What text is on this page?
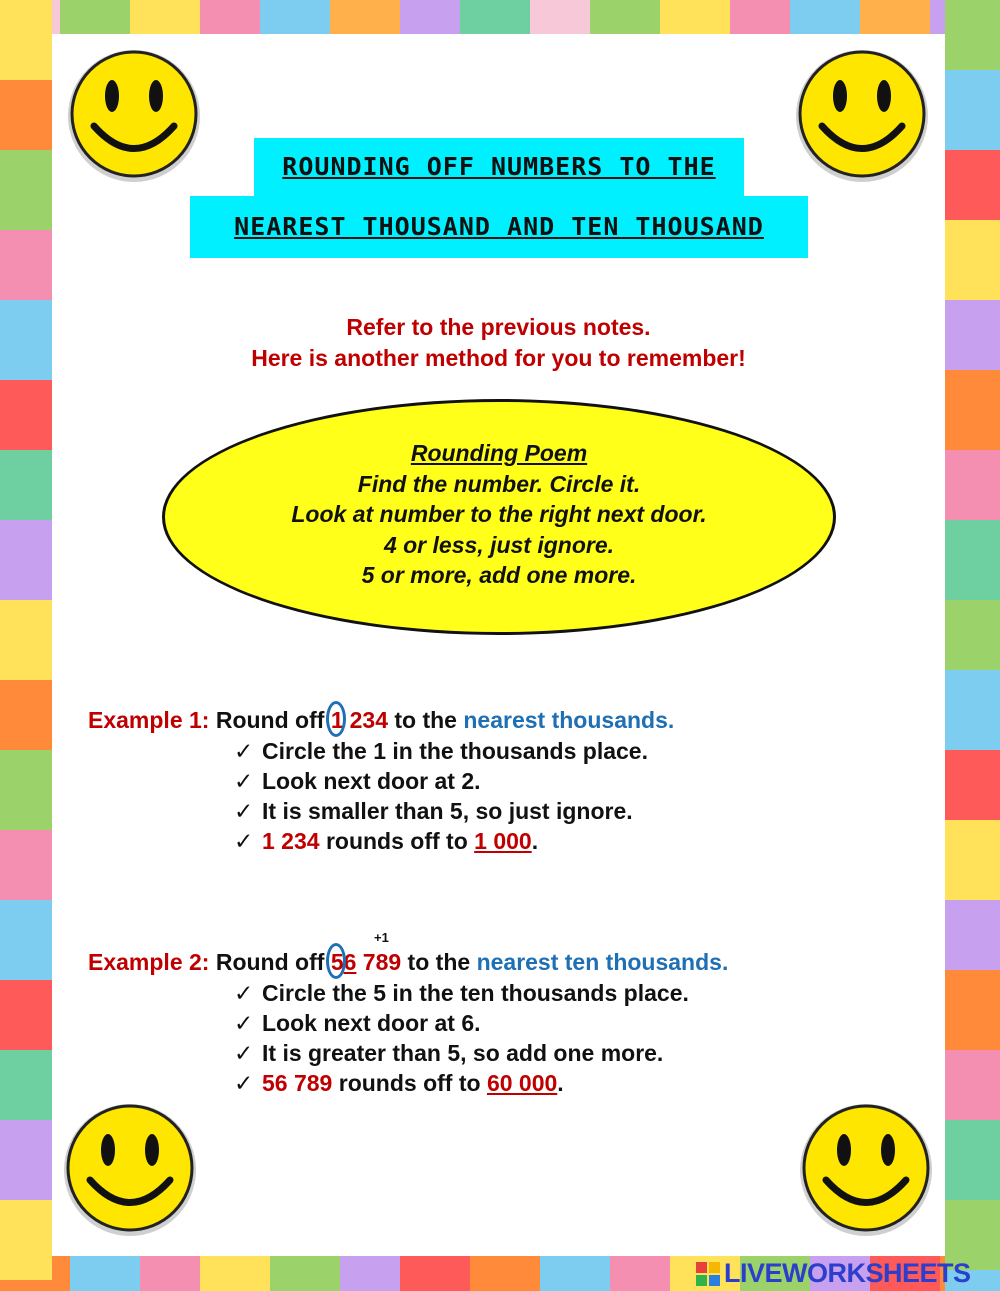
ROUNDING OFF NUMBERS TO THE
NEAREST THOUSAND AND TEN THOUSAND
Refer to the previous notes.
Here is another method for you to remember!
Rounding Poem
Find the number. Circle it.
Look at number to the right next door.
4 or less, just ignore.
5 or more, add one more.
Example 1: Round off 1 234 to the nearest thousands.
✓ Circle the 1 in the thousands place.
✓ Look next door at 2.
✓ It is smaller than 5, so just ignore.
✓ 1 234 rounds off to 1 000.
+1
Example 2: Round off 56 789 to the nearest ten thousands.
✓ Circle the 5 in the ten thousands place.
✓ Look next door at 6.
✓ It is greater than 5, so add one more.
✓ 56 789 rounds off to 60 000.
LIVEWORKSHEETS
